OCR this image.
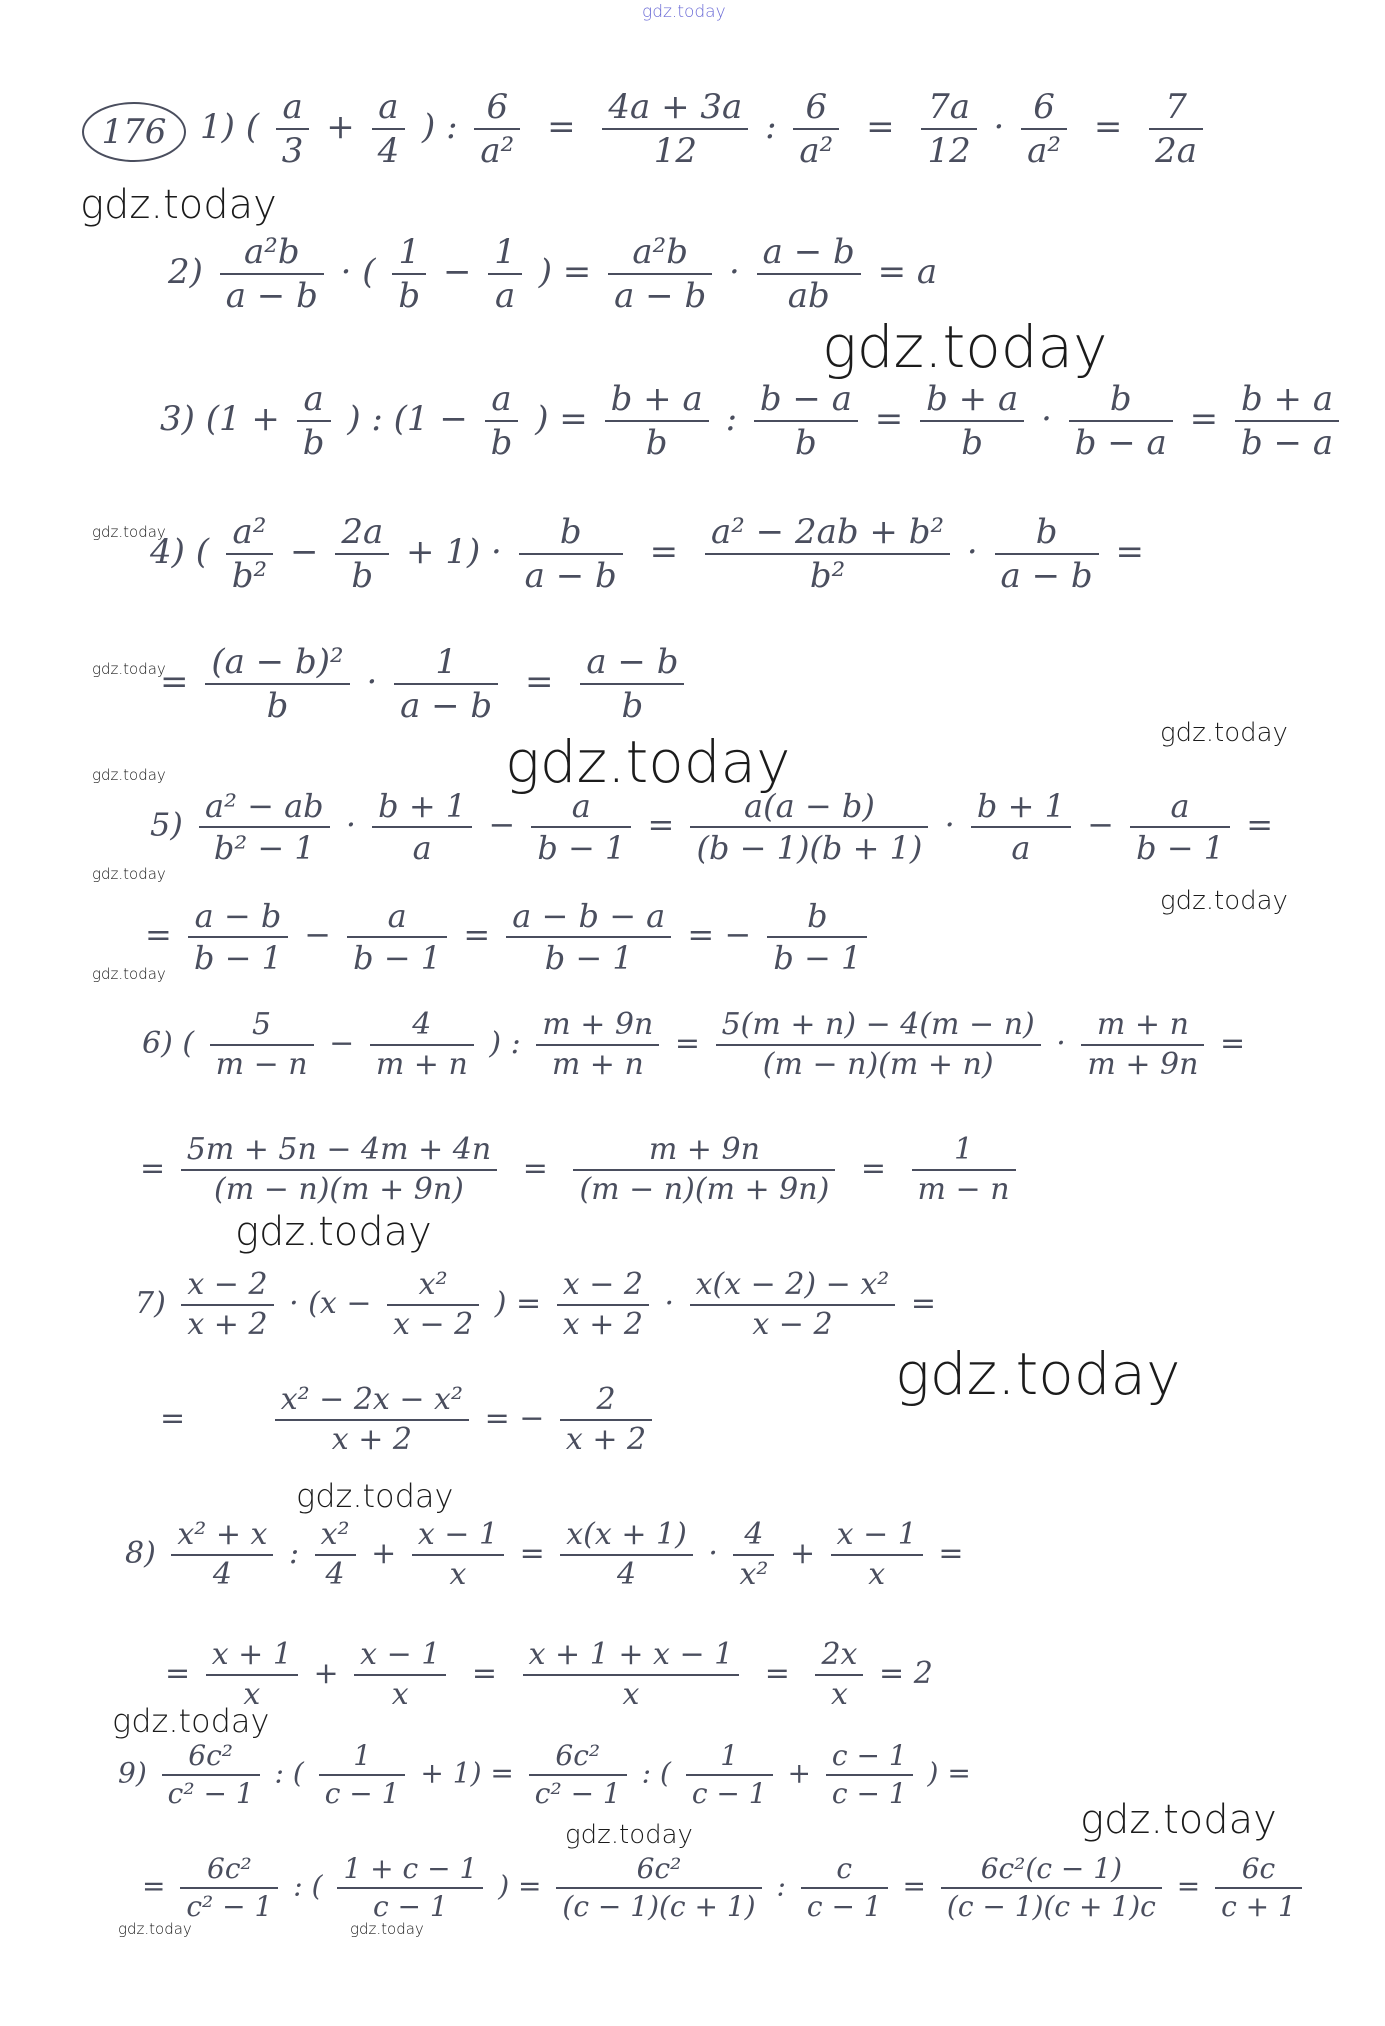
gdz.today
176 1) ( $\frac{a}{3} + \frac{a}{4}$ ) : $\frac{6}{\text{a²}} = \frac{4a + 3a}{12}$ : $\frac{6}{\text{a²}} = \frac{7a}{12} \cdot \frac{6}{\text{a²}} = \frac{7}{2a}$
gdz.today
$2) \frac{\text{a²b}}{a - b}$ · ( $\frac{1}{b} - \frac{1}{a}$ ) = $\frac{\text{a²b}}{a - b} \cdot \frac{a - b}{ab} = a$
gdz.today
3) ($1 + \frac{a}{b}$ ) : ($1 - \frac{a}{b}$ ) = $\frac{b + a}{b}$ : $\frac{b - a}{b} = \frac{b + a}{b} \cdot \frac{b}{b - a} = \frac{b + a}{b - a}$
gdz.today
4) ( $\frac{\text{a²}}{\text{b²}} - \frac{2a}{b} + 1) \cdot \frac{b}{a - b} = \frac{\text{a² − 2ab + b²}}{\text{b²}} \cdot \frac{b}{a - b}$ =
gdz.today
= $\frac{\text{(a − b)²}}{b} \cdot \frac{1}{a - b} = \frac{a - b}{b}$
gdz.today
gdz.today
gdz.today
$5) \frac{\text{a² − ab}}{\text{b² − 1}} \cdot \frac{b + 1}{a} - \frac{a}{b - 1} = \frac{a(a - b)}{(b - 1)(b + 1)} \cdot \frac{b + 1}{a} - \frac{a}{b - 1}$ =
gdz.today
gdz.today
gdz.today
= $\frac{a - b}{b - 1} - \frac{a}{b - 1} = \frac{a - b - a}{b - 1}$ = − $\frac{b}{b - 1}$
6) ( $\frac{5}{m - n} - \frac{4}{m + n}$ ) : $\frac{m + 9n}{m + n} = \frac{5(m + n) - 4(m - n)}{(m - n)(m + n)} \cdot \frac{m + n}{m + 9n}$ =
= $\frac{5m + 5n - 4m + 4n}{(m - n)(m + 9n)} = \frac{m + 9n}{(m - n)(m + 9n)} = \frac{1}{m - n}$
gdz.today
$7) \frac{x - 2}{x + 2} \cdot (x - \frac{\text{x²}}{x - 2}$ ) = $\frac{x - 2}{x + 2} \cdot \frac{\text{x(x − 2) − x²}}{x - 2}$ =
=	$\frac{\text{x² − 2x − x²}}{x + 2}$ = − $\frac{2}{x + 2}$
gdz.today
gdz.today
$8) \frac{\text{x² + x}}{4}$ : $\frac{\text{x²}}{4} + \frac{x - 1}{x} = \frac{x(x + 1)}{4} \cdot \frac{4}{\text{x²}} + \frac{x - 1}{x}$ =
= $\frac{x + 1}{x} + \frac{x - 1}{x} = \frac{x + 1 + x - 1}{x} = \frac{2x}{x} = 2$
gdz.today
$9) \frac{\text{6c²}}{\text{c² − 1}}$ : ( $\frac{1}{c - 1} + 1) = \frac{\text{6c²}}{\text{c² − 1}}$ : ( $\frac{1}{c - 1} + \frac{c - 1}{c - 1}$ ) =
gdz.today
gdz.today
= $\frac{\text{6c²}}{\text{c² − 1}}$ : ( $\frac{1 + c - 1}{c - 1}$ ) = $\frac{\text{6c²}}{(c - 1)(c + 1)}$ : $\frac{c}{c - 1} = \frac{\text{6c²(c − 1)}}{(c - 1)(c + 1)c} = \frac{6c}{c + 1}$
gdz.today	gdz.today
gdz.today
